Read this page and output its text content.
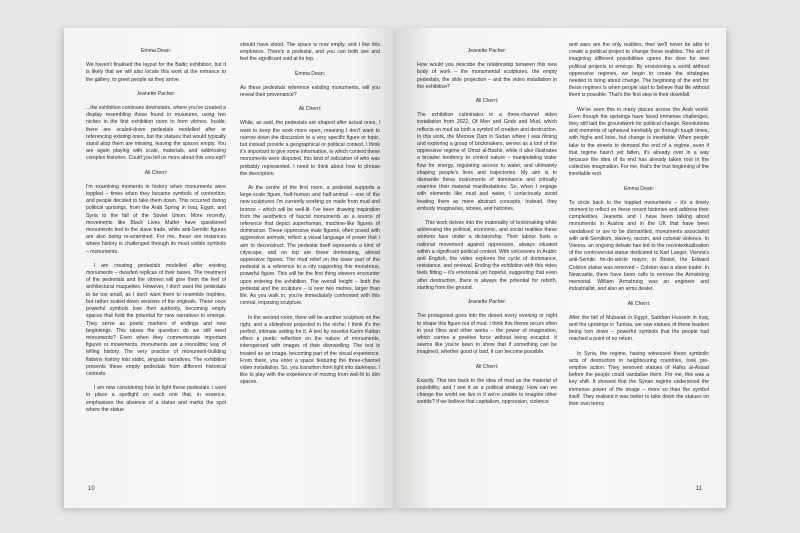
Emma Dean:

We haven't finalised the layout for the Baltic exhibition, but it is likely that we will also locate this work at the entrance to the gallery, to greet people as they arrive.

Jeanette Pacher:

...the exhibition continues downstairs, where you've created a display resembling those found in museums, using two niches in the first exhibition room to form vitrines. Inside, there are scaled-down pedestals modelled after or referencing existing ones, but the statues that would typically stand atop them are missing, leaving the spaces empty. You are again playing with scale, materials, and addressing complex histories. Could you tell us more about this concept?

Ali Cherri:

I'm examining moments in history when monuments were toppled – times when they became symbols of contention, and people decided to take them down. This occurred during political uprisings, from the Arab Spring in Iraq, Egypt, and Syria to the fall of the Soviet Union. More recently, movements like Black Lives Matter have questioned monuments tied to the slave trade, while anti-Semitic figures are also being re-examined. For me, these are instances where history is challenged through its most visible symbols – monuments.

I am creating pedestals modelled after existing monuments – dwarfed replicas of their bases. The treatment of the pedestals and the vitrines will give them the feel of architectural maquettes. However, I don't want the pedestals to be too small, as I don't want them to resemble trophies, but rather scaled-down versions of the originals. These once powerful symbols lose their authority, becoming empty spaces that hold the potential for new narratives to emerge. They serve as poetic markers of endings and new beginnings. This raises the question: do we still need monuments? Even when they commemorate important figures or movements, monuments are a monolithic way of telling history. The very practice of monument-building flattens history into static, singular narratives. The exhibition presents these empty pedestals from different historical contexts.

I am now considering how to light these pedestals. I want to place a spotlight on each one that, in essence, emphasises the absence of a statue and marks the spot where the statue

should have stood. The space is now empty, and I like this emptiness. There's a pedestal, and you can both see and feel the significant void at its top.

Emma Dean:

As these pedestals reference existing monuments, will you reveal their provenance?

Ali Cherri:

While, as said, the pedestals are shaped after actual ones, I want to keep the work more open, meaning I don't want to narrow down the discussion to a very specific figure or topic, but instead provide a geographical or political context. I think it's important to give some information, in which context these monuments were disputed, this kind of indication of who was probably represented. I need to think about how to phrase the description.

At the centre of the first room, a pedestal supports a large-scale figure, half-human and half-animal – one of the new sculptures I'm currently working on made from mud and bronze – which will be well-lit. I've been drawing inspiration from the aesthetics of fascist monuments as a source of reference that depict superhuman, machine-like figures of dominance. These oppressive male figures, often posed with aggressive animals, reflect a visual language of power that I aim to deconstruct. The pedestal itself represents a kind of cityscape, and on top are these dominating, almost oppressive figures. The mud relief on the lower part of the pedestal is a reference to a city supporting this monstrous, powerful figure. This will be the first thing viewers encounter upon entering the exhibition. The overall height – both the pedestal and the sculpture – is over two metres, larger than life. As you walk in, you're immediately confronted with this central, imposing sculpture.

In the second room, there will be another sculpture on the right, and a slideshow projected in the niche; I think it's the perfect, intimate setting for it. A text by novelist Karim Kattan offers a poetic reflection on the nature of monuments, interspersed with images of their dismantling. The text is treated as an image, becoming part of the visual experience. From there, you enter a space featuring the three-channel video installation. So, you transition from light into darkness. I like to play with the experience of moving from well-lit to dim spaces.

10

Jeanette Pacher:

How would you describe the relationship between this new body of work – the monumental sculptures, the empty pedestals, the slide projection – and the video installation in the exhibition?

Ali Cherri:

The exhibition culminates in a three-channel video installation from 2022, Of Men and Gods and Mud, which reflects on mud as both a symbol of creation and destruction. In this work, the Merowe Dam in Sudan where I was filming and exploring a group of brickmakers, serves as a tool of the oppressive regime of Omar al-Bashir, while it also illustrates a broader tendency to control nature – manipulating water flow for energy, regulating access to water, and ultimately shaping people's lives and trajectories. My aim is to dismantle these instruments of dominance and critically examine their material manifestations. So, when I engage with elements like mud and water, I consciously avoid treating them as mere abstract concepts. Instead, they embody imaginaries, stories, and histories.

This work delves into the materiality of brickmaking while addressing the political, economic, and social realities these workers face under a dictatorship. Their labour fuels a national movement against oppression, always situated within a significant political context. With voiceovers in Arabic and English, the video explores the cycle of dominance, resistance, and renewal. Ending the exhibition with this video feels fitting – it's emotional yet hopeful, suggesting that even after destruction, there is always the potential for rebirth, starting from the ground.

Jeanette Pacher:

The protagonist goes into the desert every evening or night to shape this figure out of mud. I think this theme recurs often in your films and other works – the power of imagination, which carries a positive force without being escapist. It seems like you're keen to show that if something can be imagined, whether good or bad, it can become possible.

Ali Cherri:

Exactly. This ties back to the idea of mud as the material of possibility, and I see it as a political strategy. How can we change the world we live in if we're unable to imagine other worlds? If we believe that capitalism, oppression, violence

and wars are the only realities, then we'll never be able to create a political project to change those realities. The act of imagining different possibilities opens the door for new political projects to emerge. By envisioning a world without oppressive regimes, we begin to create the strategies needed to bring about change. The beginning of the end for these regimes is when people start to believe that life without them is possible. That's the first step in their downfall.

We've seen this in many places across the Arab world. Even though the uprisings have faced immense challenges, they still laid the groundwork for political change. Revolutions and moments of upheaval inevitably go through tough times, with highs and lows, but change is inevitable. When people take to the streets to demand the end of a regime, even if that regime hasn't yet fallen, it's already over in a way because the idea of its end has already taken root in the collective imagination. For me, that's the true beginning of the inevitable end.

Emma Dean:

To circle back to the toppled monuments – it's a timely moment to reflect on these recent histories and address their complexities. Jeanette and I have been talking about monuments in Austria and in the UK that have been vandalised or are to be dismantled, monuments associated with anti-Semitism, slavery, racism, and colonial violence. In Vienna, an ongoing debate has led to the recontextualisation of the controversial statue dedicated to Karl Lueger, Vienna's anti-Semitic fin-de-siècle mayor; in Bristol, the Edward Colston statue was removed – Colston was a slave trader. In Newcastle, there have been calls to remove the Armstrong memorial. William Armstrong was an engineer and industrialist, and also an arms dealer.

Ali Cherri:

After the fall of Mubarak in Egypt, Saddam Hussein in Iraq, and the uprisings in Tunisia, we saw statues of these leaders being torn down – powerful symbols that the people had reached a point of no return.

In Syria, the regime, having witnessed these symbolic acts of destruction in neighbouring countries, took pre-emptive action. They removed statues of Hafez al-Assad before the people could vandalise them. For me, this was a key shift. It showed that the Syrian regime understood the immense power of the image – more so than the symbol itself. They realised it was better to take down the statues on their own terms

11
